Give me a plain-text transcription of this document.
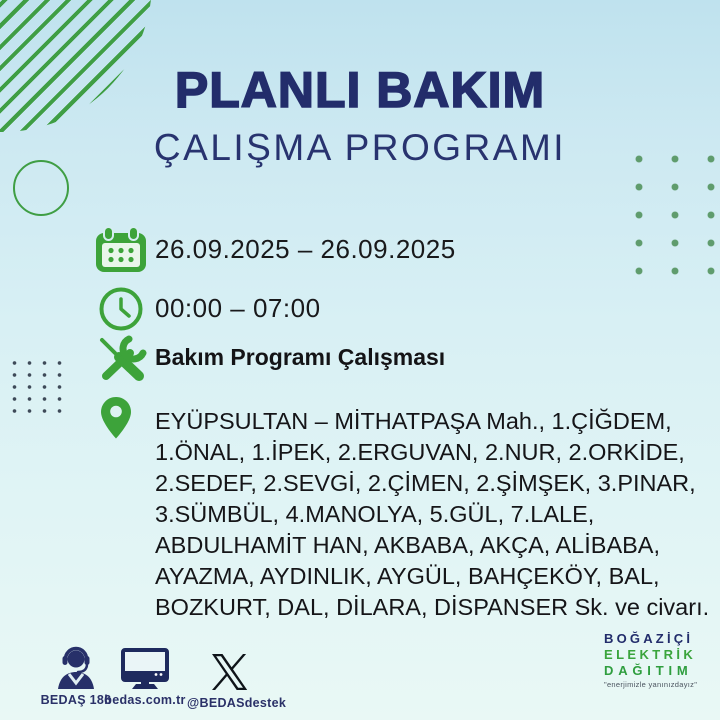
PLANLI BAKIM
ÇALIŞMA PROGRAMI
26.09.2025 – 26.09.2025
00:00 – 07:00
Bakım Programı Çalışması
EYÜPSULTAN – MİTHATPAŞA Mah., 1.ÇİĞDEM,
1.ÖNAL, 1.İPEK, 2.ERGUVAN, 2.NUR, 2.ORKİDE,
2.SEDEF, 2.SEVGİ, 2.ÇİMEN, 2.ŞİMŞEK, 3.PINAR,
3.SÜMBÜL, 4.MANOLYA, 5.GÜL, 7.LALE,
ABDULHAMİT HAN, AKBABA, AKÇA, ALİBABA,
AYAZMA, AYDINLIK, AYGÜL, BAHÇEKÖY, BAL,
BOZKURT, DAL, DİLARA, DİSPANSER Sk. ve civarı.
BEDAŞ 186
bedas.com.tr @BEDASdestek
BOĞAZİÇİ
ELEKTRİK
DAĞITIM
"enerjimizle yanınızdayız"
